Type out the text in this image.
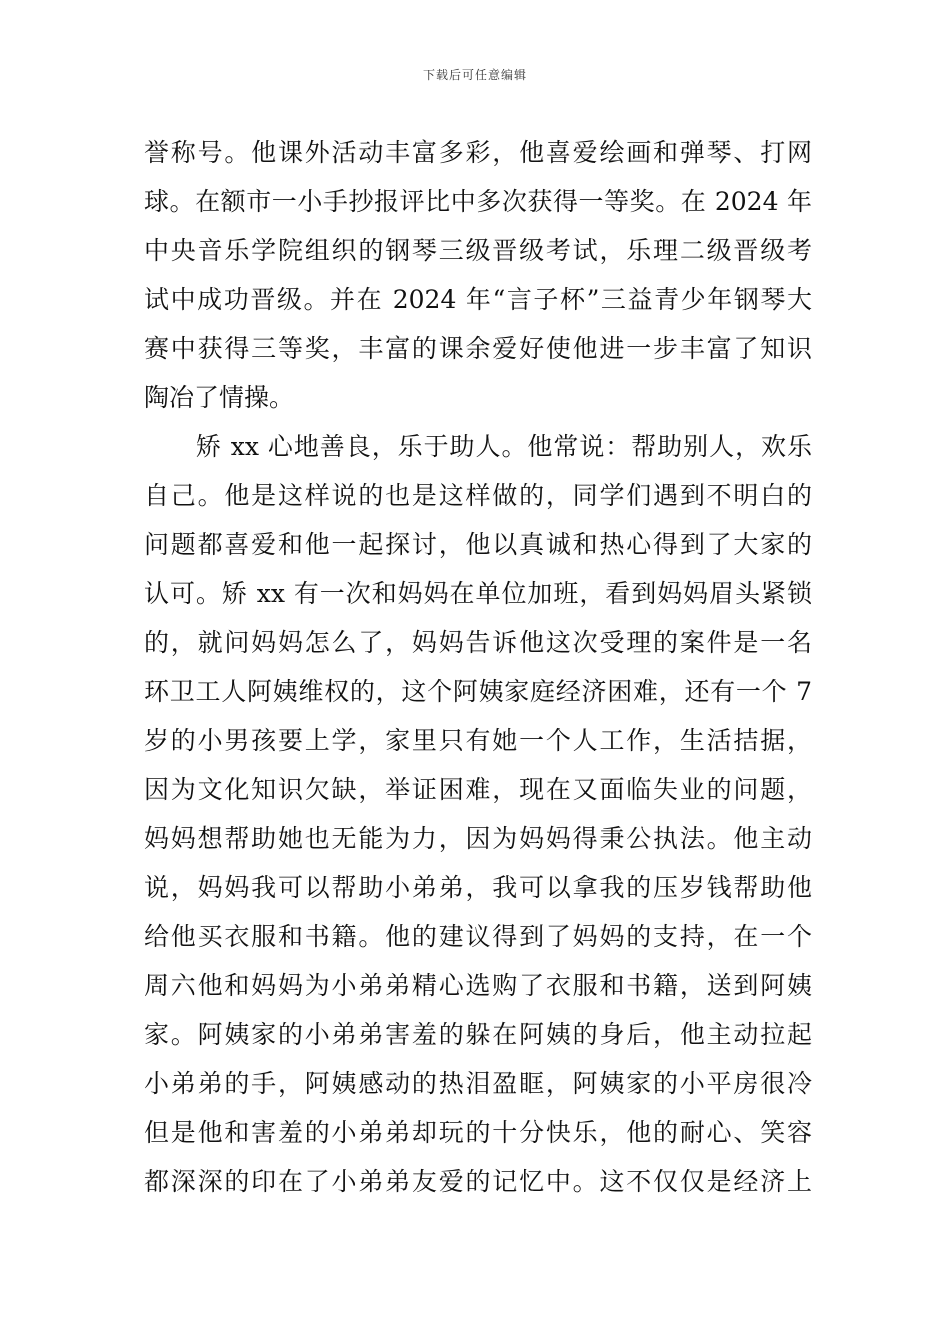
下载后可任意编辑
誉称号。他课外活动丰富多彩，他喜爱绘画和弹琴、打网
球。在额市一小手抄报评比中多次获得一等奖。在 2024 年
中央音乐学院组织的钢琴三级晋级考试，乐理二级晋级考
试中成功晋级。并在 2024 年“言子杯”三益青少年钢琴大
赛中获得三等奖，丰富的课余爱好使他进一步丰富了知识
陶冶了情操。
　　矫 xx 心地善良，乐于助人。他常说：帮助别人，欢乐
自己。他是这样说的也是这样做的，同学们遇到不明白的
问题都喜爱和他一起探讨，他以真诚和热心得到了大家的
认可。矫 xx 有一次和妈妈在单位加班，看到妈妈眉头紧锁
的，就问妈妈怎么了，妈妈告诉他这次受理的案件是一名
环卫工人阿姨维权的，这个阿姨家庭经济困难，还有一个 7
岁的小男孩要上学，家里只有她一个人工作，生活拮据，
因为文化知识欠缺，举证困难，现在又面临失业的问题，
妈妈想帮助她也无能为力，因为妈妈得秉公执法。他主动
说，妈妈我可以帮助小弟弟，我可以拿我的压岁钱帮助他
给他买衣服和书籍。他的建议得到了妈妈的支持，在一个
周六他和妈妈为小弟弟精心选购了衣服和书籍，送到阿姨
家。阿姨家的小弟弟害羞的躲在阿姨的身后，他主动拉起
小弟弟的手，阿姨感动的热泪盈眶，阿姨家的小平房很冷
但是他和害羞的小弟弟却玩的十分快乐，他的耐心、笑容
都深深的印在了小弟弟友爱的记忆中。这不仅仅是经济上
